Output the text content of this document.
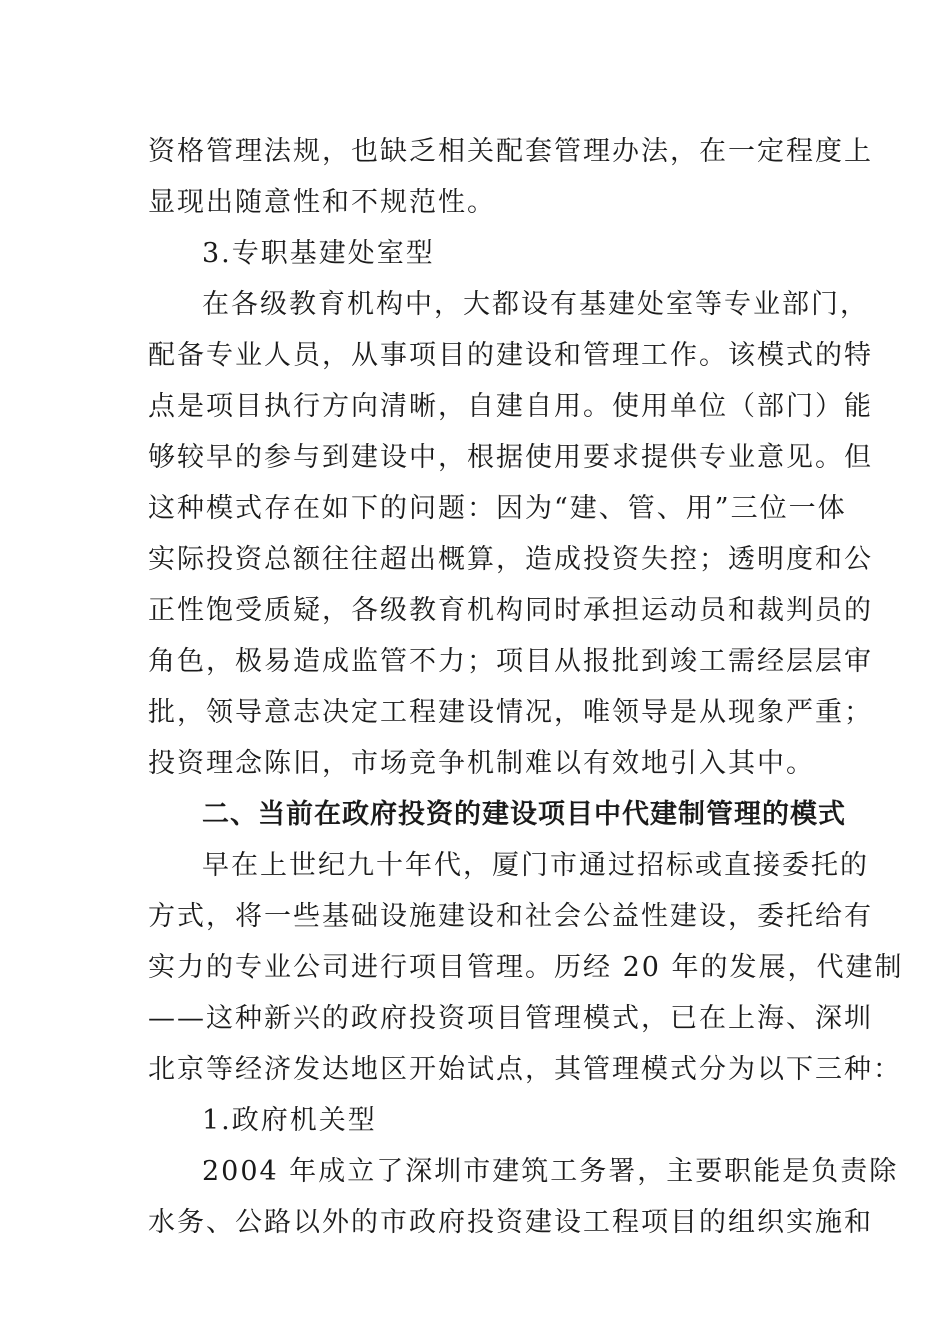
资格管理法规，也缺乏相关配套管理办法，在一定程度上
显现出随意性和不规范性。
3.专职基建处室型
在各级教育机构中，大都设有基建处室等专业部门，
配备专业人员，从事项目的建设和管理工作。该模式的特
点是项目执行方向清晰，自建自用。使用单位（部门）能
够较早的参与到建设中，根据使用要求提供专业意见。但
这种模式存在如下的问题：因为“建、管、用”三位一体
实际投资总额往往超出概算，造成投资失控；透明度和公
正性饱受质疑，各级教育机构同时承担运动员和裁判员的
角色，极易造成监管不力；项目从报批到竣工需经层层审
批，领导意志决定工程建设情况，唯领导是从现象严重；
投资理念陈旧，市场竞争机制难以有效地引入其中。
二、当前在政府投资的建设项目中代建制管理的模式
早在上世纪九十年代，厦门市通过招标或直接委托的
方式，将一些基础设施建设和社会公益性建设，委托给有
实力的专业公司进行项目管理。历经 20 年的发展，代建制
——这种新兴的政府投资项目管理模式，已在上海、深圳
北京等经济发达地区开始试点，其管理模式分为以下三种：
1.政府机关型
2004 年成立了深圳市建筑工务署，主要职能是负责除
水务、公路以外的市政府投资建设工程项目的组织实施和
